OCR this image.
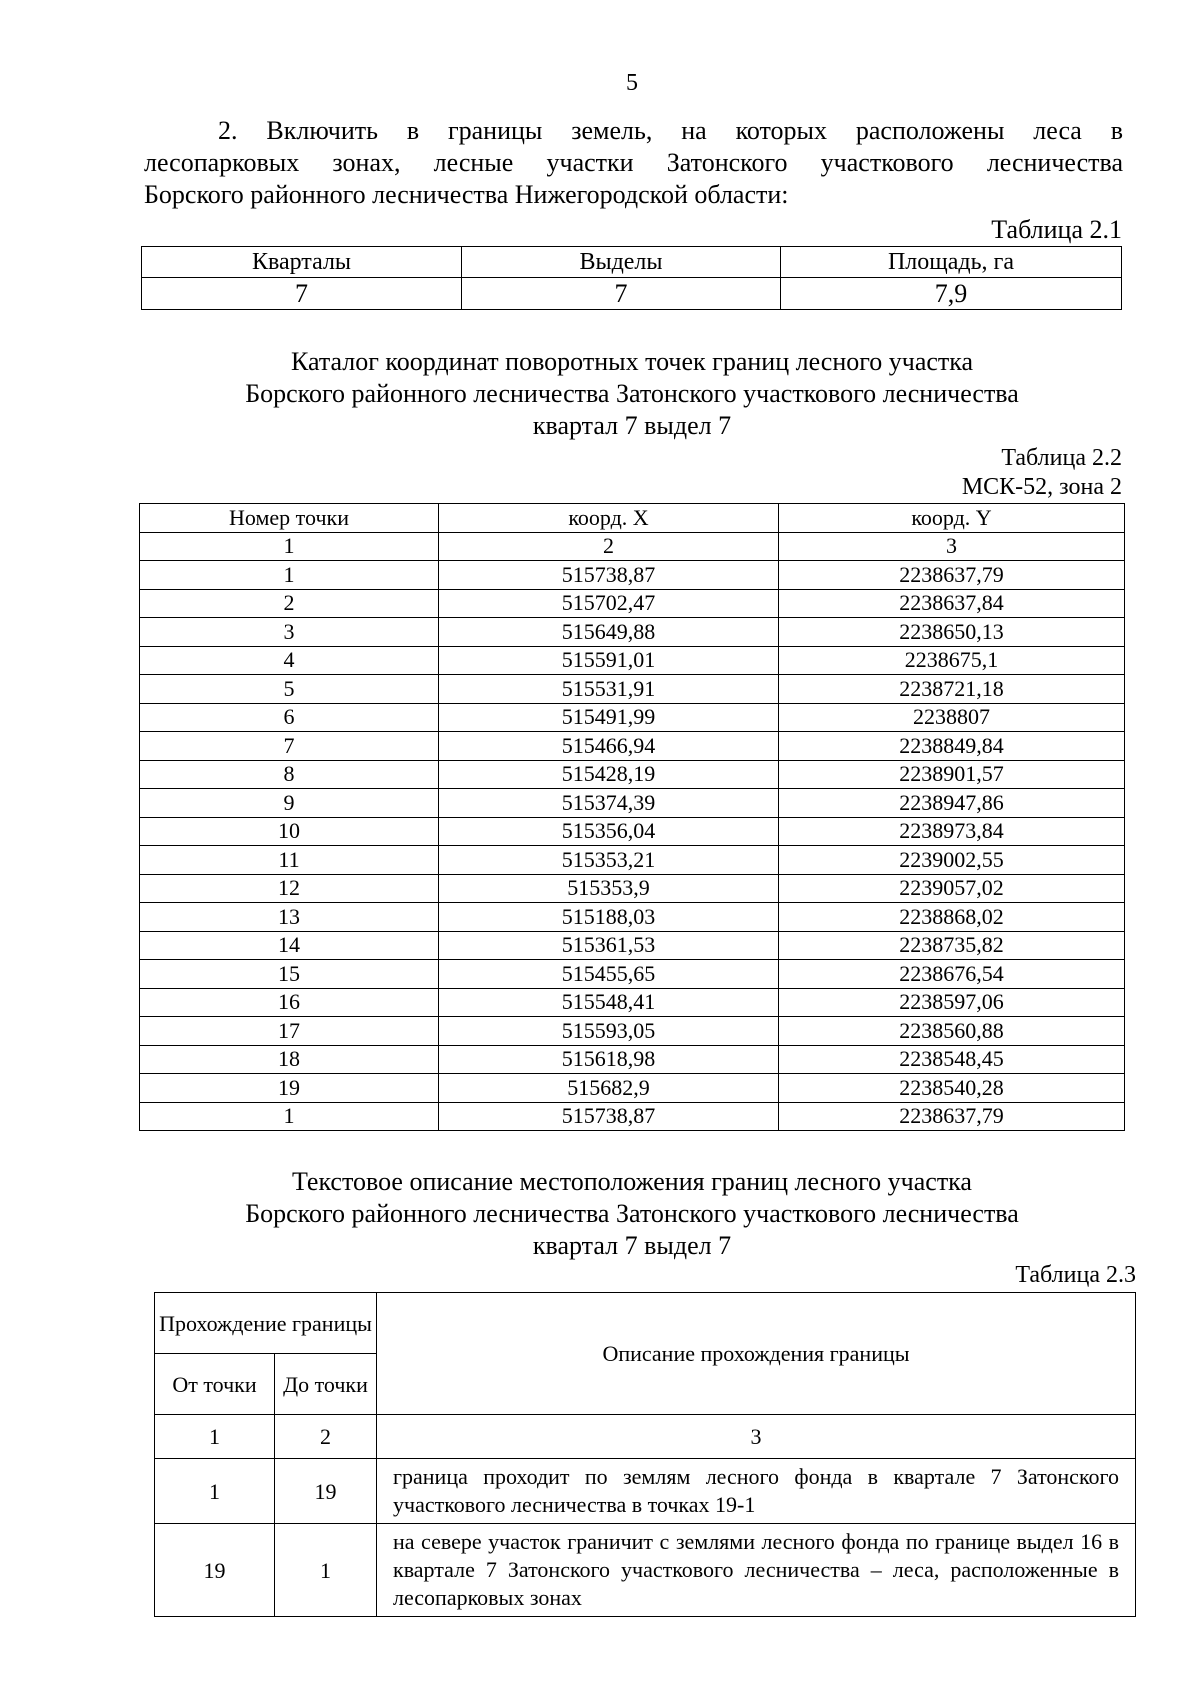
5
2. Включить в границы земель, на которых расположены леса в
лесопарковых зонах, лесные участки Затонского участкового лесничества
Борского районного лесничества Нижегородской области:
Таблица 2.1
Кварталы	Выделы	Площадь, га
7	7	7,9
Каталог координат поворотных точек границ лесного участка
Борского районного лесничества Затонского участкового лесничества
квартал 7 выдел 7
Таблица 2.2
МСК-52, зона 2
Номер точки	коорд. X	коорд. Y
1	2	3
1	515738,87	2238637,79
2	515702,47	2238637,84
3	515649,88	2238650,13
4	515591,01	2238675,1
5	515531,91	2238721,18
6	515491,99	2238807
7	515466,94	2238849,84
8	515428,19	2238901,57
9	515374,39	2238947,86
10	515356,04	2238973,84
11	515353,21	2239002,55
12	515353,9	2239057,02
13	515188,03	2238868,02
14	515361,53	2238735,82
15	515455,65	2238676,54
16	515548,41	2238597,06
17	515593,05	2238560,88
18	515618,98	2238548,45
19	515682,9	2238540,28
1	515738,87	2238637,79
Текстовое описание местоположения границ лесного участка
Борского районного лесничества Затонского участкового лесничества
квартал 7 выдел 7
Таблица 2.3
Прохождение границы		Описание прохождения границы
От точки	До точки	
1	2	3
1	19	граница проходит по землям лесного фонда в квартале 7 Затонского участкового лесничества в точках 19-1
19	1	на севере участок граничит с землями лесного фонда по границе выдел 16 в квартале 7 Затонского участкового лесничества – леса, расположенные в лесопарковых зонах
